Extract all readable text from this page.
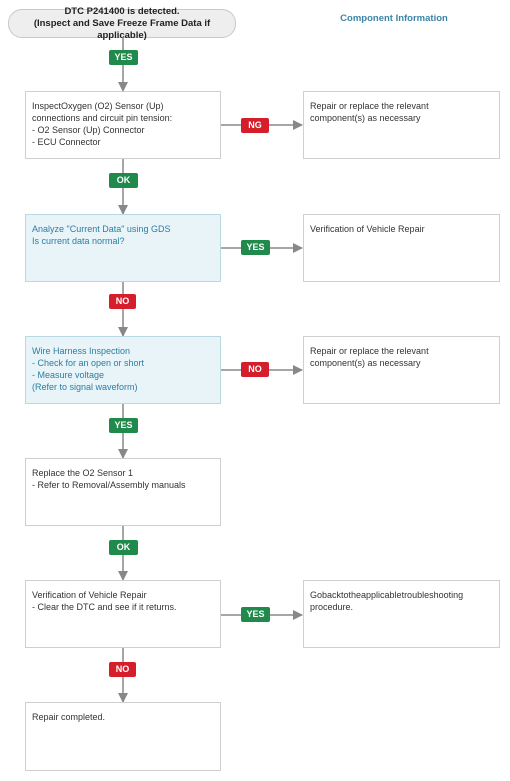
DTC P241400 is detected.
(Inspect and Save Freeze Frame Data if applicable)
Component Information
YES
OK
NO
YES
OK
NO
NG
YES
NO
YES
InspectOxygen (O2) Sensor (Up)
connections and circuit pin tension:
- O2 Sensor (Up) Connector
- ECU Connector
Analyze "Current Data" using GDS
Is current data normal?
Wire Harness Inspection
- Check for an open or short
- Measure voltage
(Refer to signal waveform)
Replace the O2 Sensor 1
- Refer to Removal/Assembly manuals
Verification of Vehicle Repair
- Clear the DTC and see if it returns.
Repair completed.
Repair or replace the relevant
component(s) as necessary
Verification of Vehicle Repair
Repair or replace the relevant
component(s) as necessary
Gobacktotheapplicabletroubleshooting
procedure.
